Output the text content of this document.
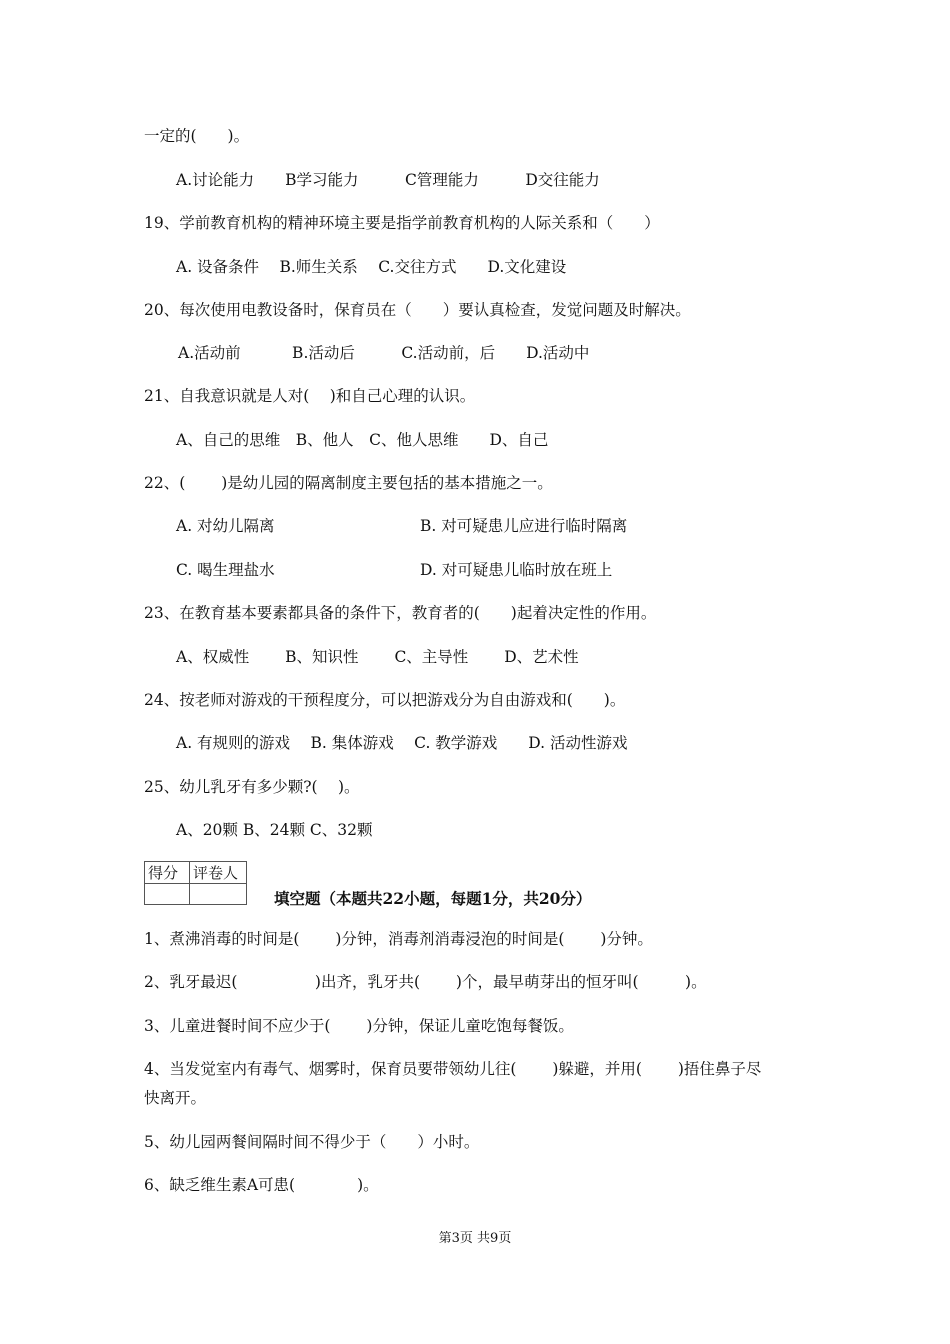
一定的(　　)。
A.讨论能力　　B学习能力　　　C管理能力　　　D交往能力
19、学前教育机构的精神环境主要是指学前教育机构的人际关系和（　　）
A. 设备条件　 B.师生关系　 C.交往方式　　D.文化建设
20、每次使用电教设备时，保育员在（　　）要认真检查，发觉问题及时解决。
A.活动前　　　 B.活动后　　　C.活动前，后　　D.活动中
21、自我意识就是人对(　 )和自己心理的认识。
A、自己的思维　B、他人　C、他人思维　　D、自己
22、(　　 )是幼儿园的隔离制度主要包括的基本措施之一。
A. 对幼儿隔离	B. 对可疑患儿应进行临时隔离
C. 喝生理盐水	D. 对可疑患儿临时放在班上
23、在教育基本要素都具备的条件下，教育者的(　　)起着决定性的作用。
A、权威性　　 B、知识性　　 C、主导性　　 D、艺术性
24、按老师对游戏的干预程度分，可以把游戏分为自由游戏和(　　)。
A. 有规则的游戏　 B. 集体游戏　 C. 教学游戏　　D. 活动性游戏
25、幼儿乳牙有多少颗?(　 )。
A、20颗 B、24颗 C、32颗
得分	评卷人

填空题（本题共22小题，每题1分，共20分）
1、煮沸消毒的时间是(　　 )分钟，消毒剂消毒浸泡的时间是(　　 )分钟。
2、乳牙最迟(　　　　　)出齐，乳牙共(　　 )个，最早萌芽出的恒牙叫(　　　)。
3、儿童进餐时间不应少于(　　 )分钟，保证儿童吃饱每餐饭。
4、当发觉室内有毒气、烟雾时，保育员要带领幼儿往(　　 )躲避，并用(　　 )捂住鼻子尽
快离开。
5、幼儿园两餐间隔时间不得少于（　　）小时。
6、缺乏维生素A可患(　　　　)。
第3页 共9页
